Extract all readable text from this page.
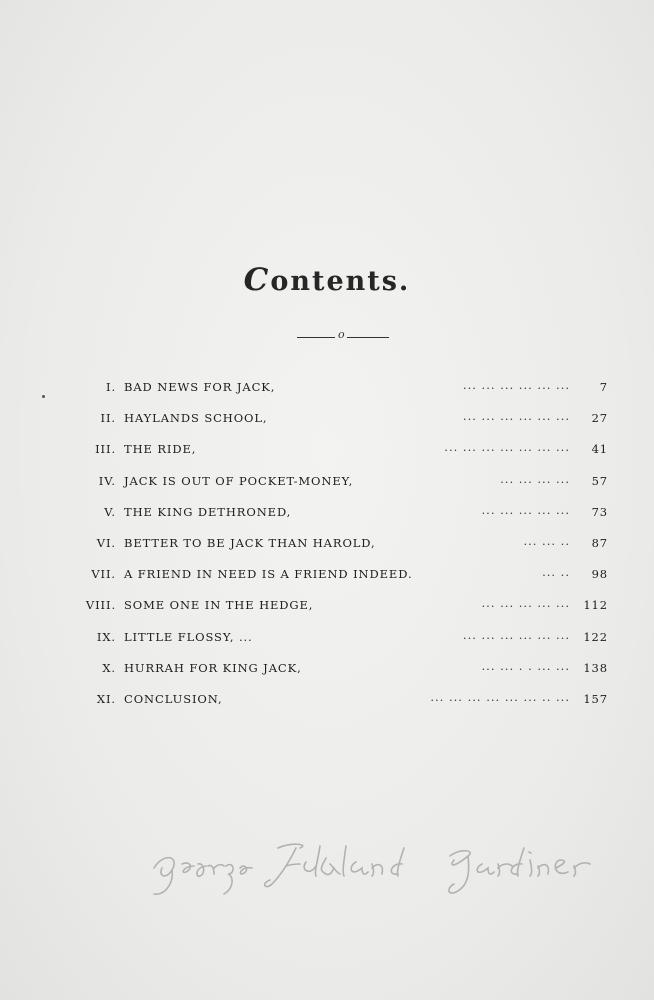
Contents.
o
I. BAD NEWS FOR JACK,	... ... ... ... ... ...	7
II. HAYLANDS SCHOOL,	... ... ... ... ... ... 27
III. THE RIDE,	... ... ... ... ... ... ... 41
IV. JACK IS OUT OF POCKET-MONEY,	... ... ... ... 57
V. THE KING DETHRONED,	... ... ... ... ... 73
VI. BETTER TO BE JACK THAN HAROLD,	... ... .. 87
VII. A FRIEND IN NEED IS A FRIEND INDEED.	... .. 98
VIII. SOME ONE IN THE HEDGE,	... ... ... ... ... 112
IX. LITTLE FLOSSY, ...	... ... ... ... ... ... 122
X. HURRAH FOR KING JACK,	... ... . . ... ... 138
XI. CONCLUSION,	... ... ... ... ... ... .. ... 157
